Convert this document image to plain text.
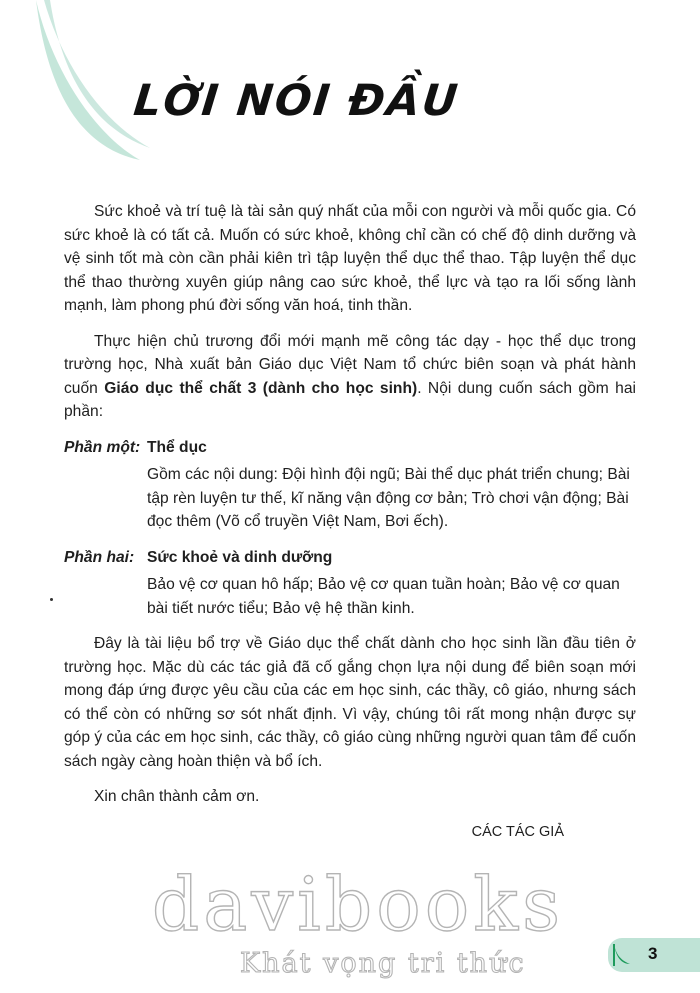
LỜI NÓI ĐẦU

Sức khoẻ và trí tuệ là tài sản quý nhất của mỗi con người và mỗi quốc gia. Có sức khoẻ là có tất cả. Muốn có sức khoẻ, không chỉ cần có chế độ dinh dưỡng và vệ sinh tốt mà còn cần phải kiên trì tập luyện thể dục thể thao. Tập luyện thể dục thể thao thường xuyên giúp nâng cao sức khoẻ, thể lực và tạo ra lối sống lành mạnh, làm phong phú đời sống văn hoá, tinh thần.

Thực hiện chủ trương đổi mới mạnh mẽ công tác dạy - học thể dục trong trường học, Nhà xuất bản Giáo dục Việt Nam tổ chức biên soạn và phát hành cuốn Giáo dục thể chất 3 (dành cho học sinh). Nội dung cuốn sách gồm hai phần:

Phần một: Thể dục

Gồm các nội dung: Đội hình đội ngũ; Bài thể dục phát triển chung; Bài tập rèn luyện tư thế, kĩ năng vận động cơ bản; Trò chơi vận động; Bài đọc thêm (Võ cổ truyền Việt Nam, Bơi ếch).

Phần hai: Sức khoẻ và dinh dưỡng

Bảo vệ cơ quan hô hấp; Bảo vệ cơ quan tuần hoàn; Bảo vệ cơ quan bài tiết nước tiểu; Bảo vệ hệ thần kinh.

Đây là tài liệu bổ trợ về Giáo dục thể chất dành cho học sinh lần đầu tiên ở trường học. Mặc dù các tác giả đã cố gắng chọn lựa nội dung để biên soạn mới mong đáp ứng được yêu cầu của các em học sinh, các thầy, cô giáo, nhưng sách có thể còn có những sơ sót nhất định. Vì vậy, chúng tôi rất mong nhận được sự góp ý của các em học sinh, các thầy, cô giáo cùng những người quan tâm để cuốn sách ngày càng hoàn thiện và bổ ích.

Xin chân thành cảm ơn.

CÁC TÁC GIẢ

davibooks
Khát vọng tri thức	3
